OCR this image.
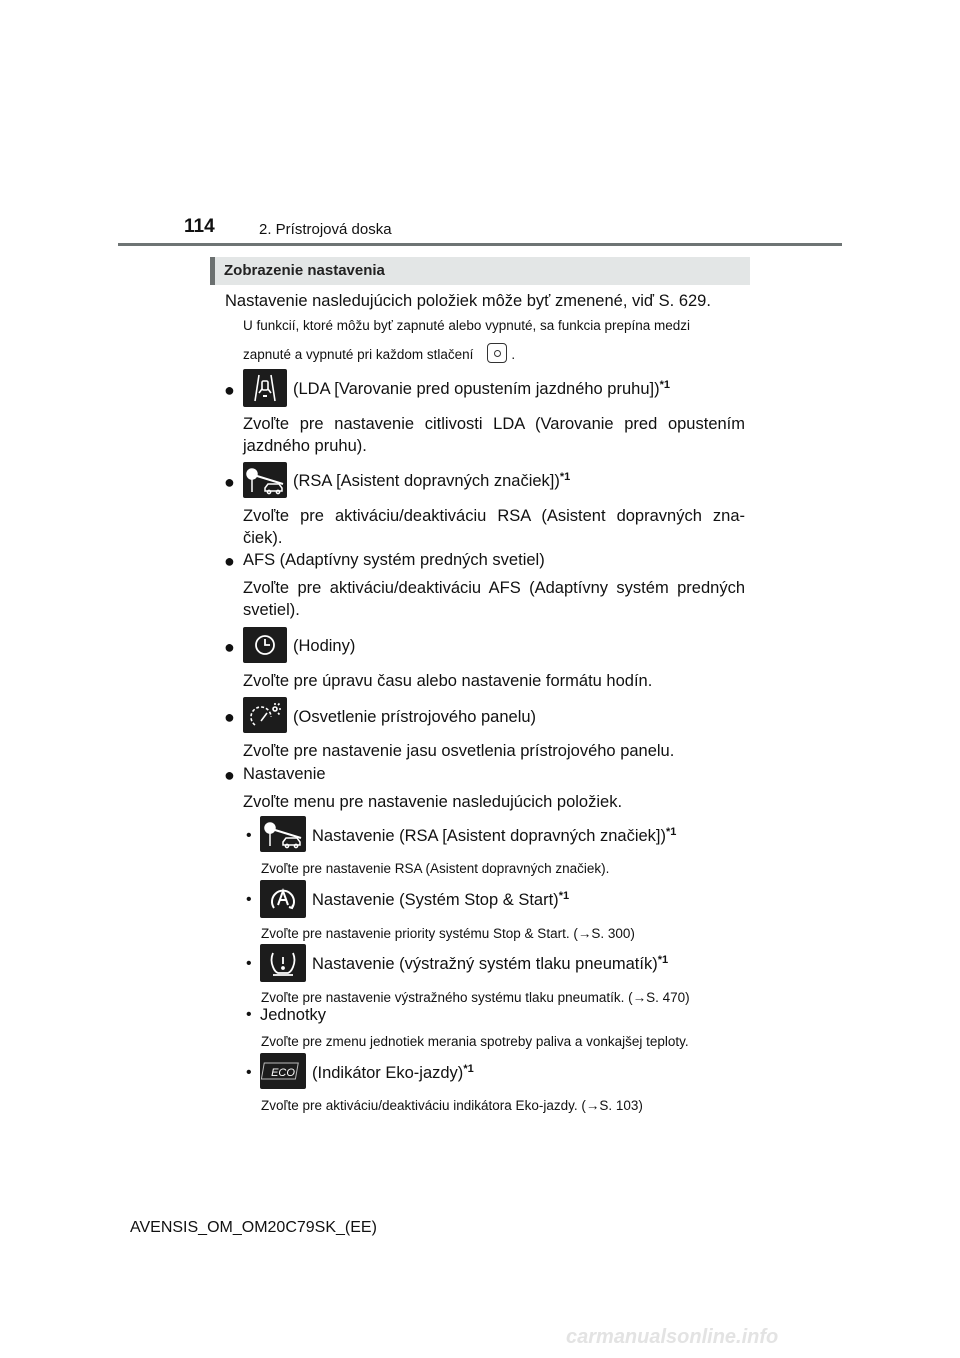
114	2. Prístrojová doska
Zobrazenie nastavenia
Nastavenie nasledujúcich položiek môže byť zmenené, viď S. 629.
U funkcií, ktoré môžu byť zapnuté alebo vypnuté, sa funkcia prepína medzi
zapnuté a vypnuté pri každom stlačení	.
●	(LDA [Varovanie pred opustením jazdného pruhu])$^{*1}$
Zvoľte pre nastavenie citlivosti LDA (Varovanie pred opustením jazdného pruhu).
●	(RSA [Asistent dopravných značiek])$^{*1}$
Zvoľte pre aktiváciu/deaktiváciu RSA (Asistent dopravných zna-čiek).
● AFS (Adaptívny systém predných svetiel)
Zvoľte pre aktiváciu/deaktiváciu AFS (Adaptívny systém predných svetiel).
●	(Hodiny)
Zvoľte pre úpravu času alebo nastavenie formátu hodín.
●	(Osvetlenie prístrojového panelu)
Zvoľte pre nastavenie jasu osvetlenia prístrojového panelu.
● Nastavenie
Zvoľte menu pre nastavenie nasledujúcich položiek.
•	Nastavenie (RSA [Asistent dopravných značiek])$^{*1}$
Zvoľte pre nastavenie RSA (Asistent dopravných značiek).
•	Nastavenie (Systém Stop & Start)$^{*1}$
Zvoľte pre nastavenie priority systému Stop & Start. (→S. 300)
•	Nastavenie (výstražný systém tlaku pneumatík)$^{*1}$
Zvoľte pre nastavenie výstražného systému tlaku pneumatík. (→S. 470)
• Jednotky
Zvoľte pre zmenu jednotiek merania spotreby paliva a vonkajšej teploty.
• ECO (Indikátor Eko-jazdy)$^{*1}$
Zvoľte pre aktiváciu/deaktiváciu indikátora Eko-jazdy. (→S. 103)
AVENSIS_OM_OM20C79SK_(EE)
carmanualsonline.info
